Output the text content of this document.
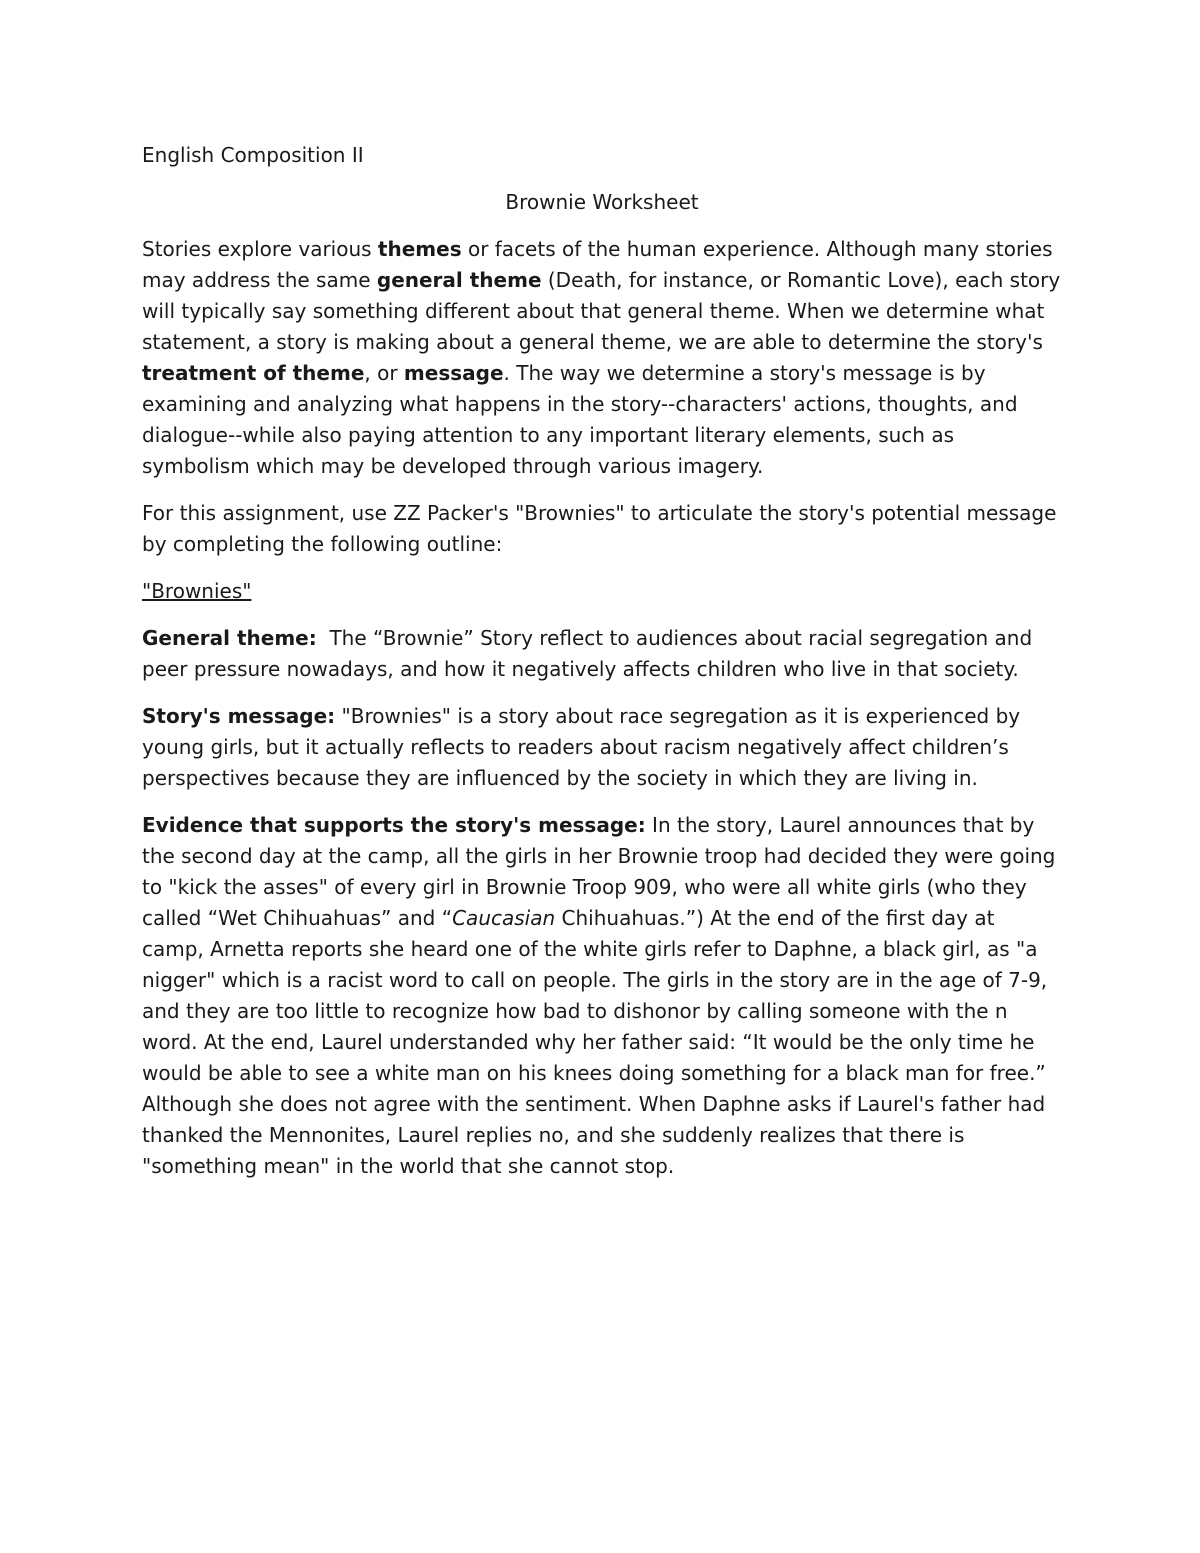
English Composition II
Brownie Worksheet

Stories explore various themes or facets of the human experience. Although many stories may address the same general theme (Death, for instance, or Romantic Love), each story will typically say something different about that general theme. When we determine what statement, a story is making about a general theme, we are able to determine the story's treatment of theme, or message. The way we determine a story's message is by examining and analyzing what happens in the story--characters' actions, thoughts, and dialogue--while also paying attention to any important literary elements, such as symbolism which may be developed through various imagery.

For this assignment, use ZZ Packer's "Brownies" to articulate the story's potential message by completing the following outline:

"Brownies"

General theme:  The “Brownie” Story reflect to audiences about racial segregation and peer pressure nowadays, and how it negatively affects children who live in that society.

Story's message: "Brownies" is a story about race segregation as it is experienced by young girls, but it actually reflects to readers about racism negatively affect children’s perspectives because they are influenced by the society in which they are living in.

Evidence that supports the story's message: In the story, Laurel announces that by the second day at the camp, all the girls in her Brownie troop had decided they were going to "kick the asses" of every girl in Brownie Troop 909, who were all white girls (who they called “Wet Chihuahuas” and “Caucasian Chihuahuas.”) At the end of the first day at camp, Arnetta reports she heard one of the white girls refer to Daphne, a black girl, as "a nigger" which is a racist word to call on people. The girls in the story are in the age of 7-9, and they are too little to recognize how bad to dishonor by calling someone with the n word. At the end, Laurel understanded why her father said: “It would be the only time he would be able to see a white man on his knees doing something for a black man for free.” Although she does not agree with the sentiment. When Daphne asks if Laurel's father had thanked the Mennonites, Laurel replies no, and she suddenly realizes that there is "something mean" in the world that she cannot stop.
